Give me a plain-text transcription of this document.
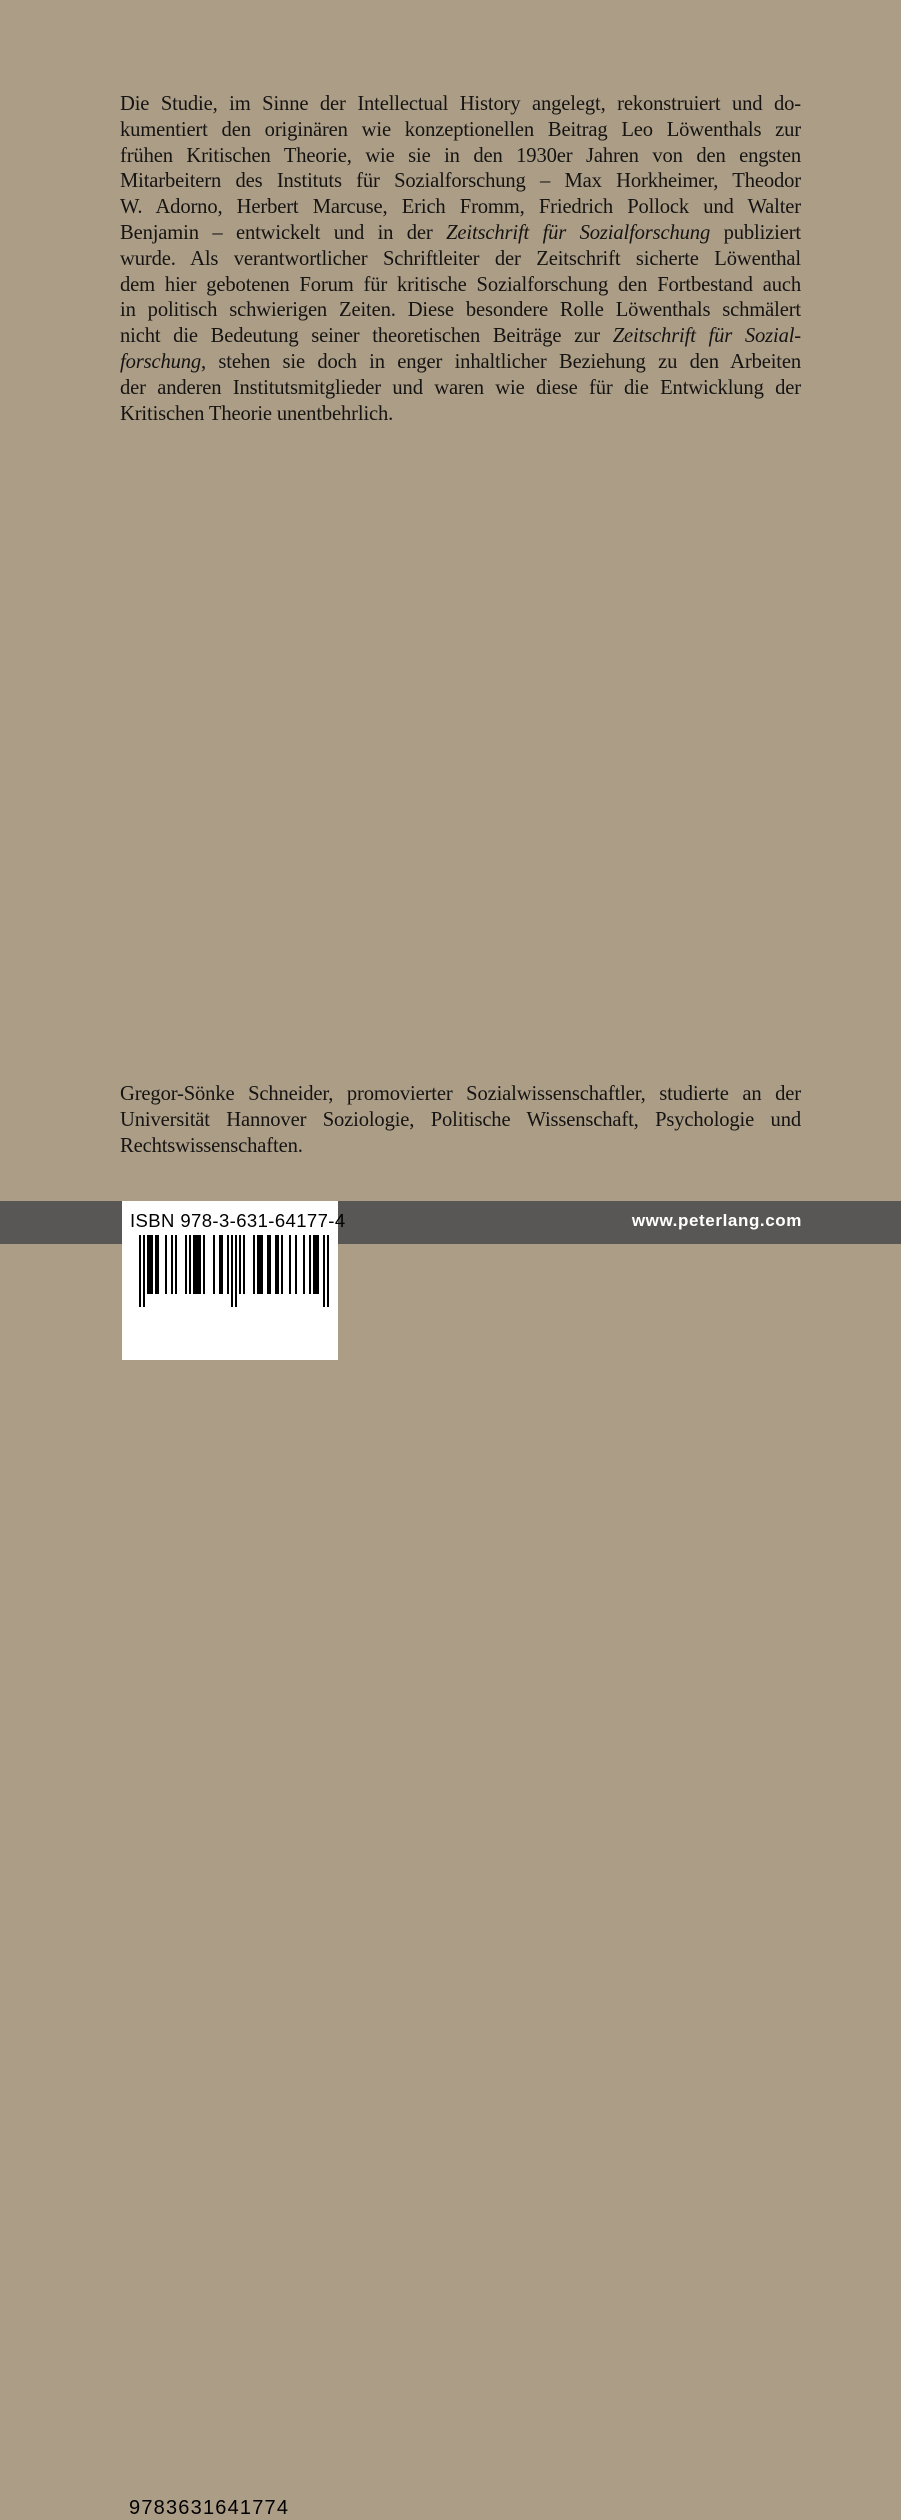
Die Studie, im Sinne der Intellectual History angelegt, rekonstruiert und do-
kumentiert den originären wie konzeptionellen Beitrag Leo Löwenthals zur
frühen Kritischen Theorie, wie sie in den 1930er Jahren von den engsten
Mitarbeitern des Instituts für Sozialforschung – Max Horkheimer, Theodor
W. Adorno, Herbert Marcuse, Erich Fromm, Friedrich Pollock und Walter
Benjamin – entwickelt und in der Zeitschrift für Sozialforschung publiziert
wurde. Als verantwortlicher Schriftleiter der Zeitschrift sicherte Löwenthal
dem hier gebotenen Forum für kritische Sozialforschung den Fortbestand auch
in politisch schwierigen Zeiten. Diese besondere Rolle Löwenthals schmälert
nicht die Bedeutung seiner theoretischen Beiträge zur Zeitschrift für Sozial-
forschung, stehen sie doch in enger inhaltlicher Beziehung zu den Arbeiten
der anderen Institutsmitglieder und waren wie diese für die Entwicklung der
Kritischen Theorie unentbehrlich.
Gregor-Sönke Schneider, promovierter Sozialwissenschaftler, studierte an der
Universität Hannover Soziologie, Politische Wissenschaft, Psychologie und
Rechtswissenschaften.
www.peterlang.com
ISBN 978-3-631-64177-4
9783631641774
